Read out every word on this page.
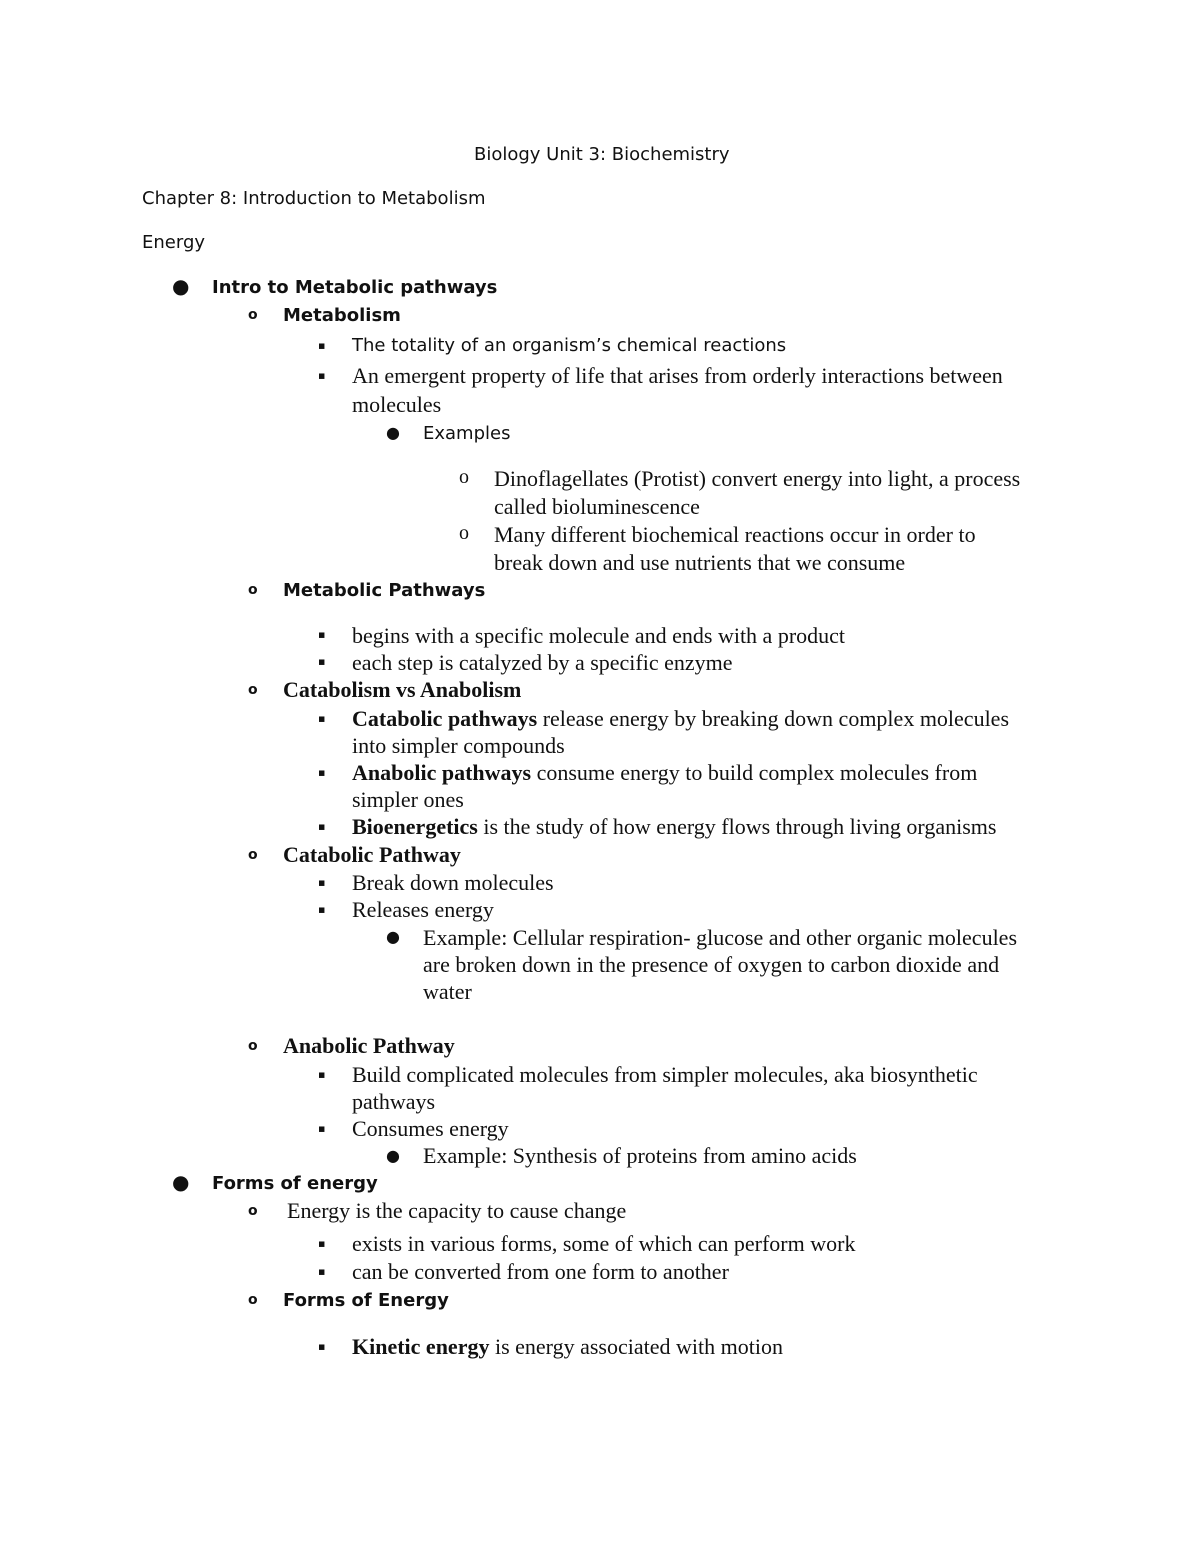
Biology Unit 3: Biochemistry
Chapter 8: Introduction to Metabolism
Energy
● Intro to Metabolic pathways
o Metabolism
▪ The totality of an organism’s chemical reactions
▪ An emergent property of life that arises from orderly interactions between
molecules
● Examples
o Dinoflagellates (Protist) convert energy into light, a process
called bioluminescence
o Many different biochemical reactions occur in order to
break down and use nutrients that we consume
o Metabolic Pathways
▪ begins with a specific molecule and ends with a product
▪ each step is catalyzed by a specific enzyme
o Catabolism vs Anabolism
▪ Catabolic pathways release energy by breaking down complex molecules
into simpler compounds
▪ Anabolic pathways consume energy to build complex molecules from
simpler ones
▪ Bioenergetics is the study of how energy flows through living organisms
o Catabolic Pathway
▪ Break down molecules
▪ Releases energy
● Example: Cellular respiration- glucose and other organic molecules
are broken down in the presence of oxygen to carbon dioxide and
water
o Anabolic Pathway
▪ Build complicated molecules from simpler molecules, aka biosynthetic
pathways
▪ Consumes energy
● Example: Synthesis of proteins from amino acids
● Forms of energy
o Energy is the capacity to cause change
▪ exists in various forms, some of which can perform work
▪ can be converted from one form to another
o Forms of Energy
▪ Kinetic energy is energy associated with motion
